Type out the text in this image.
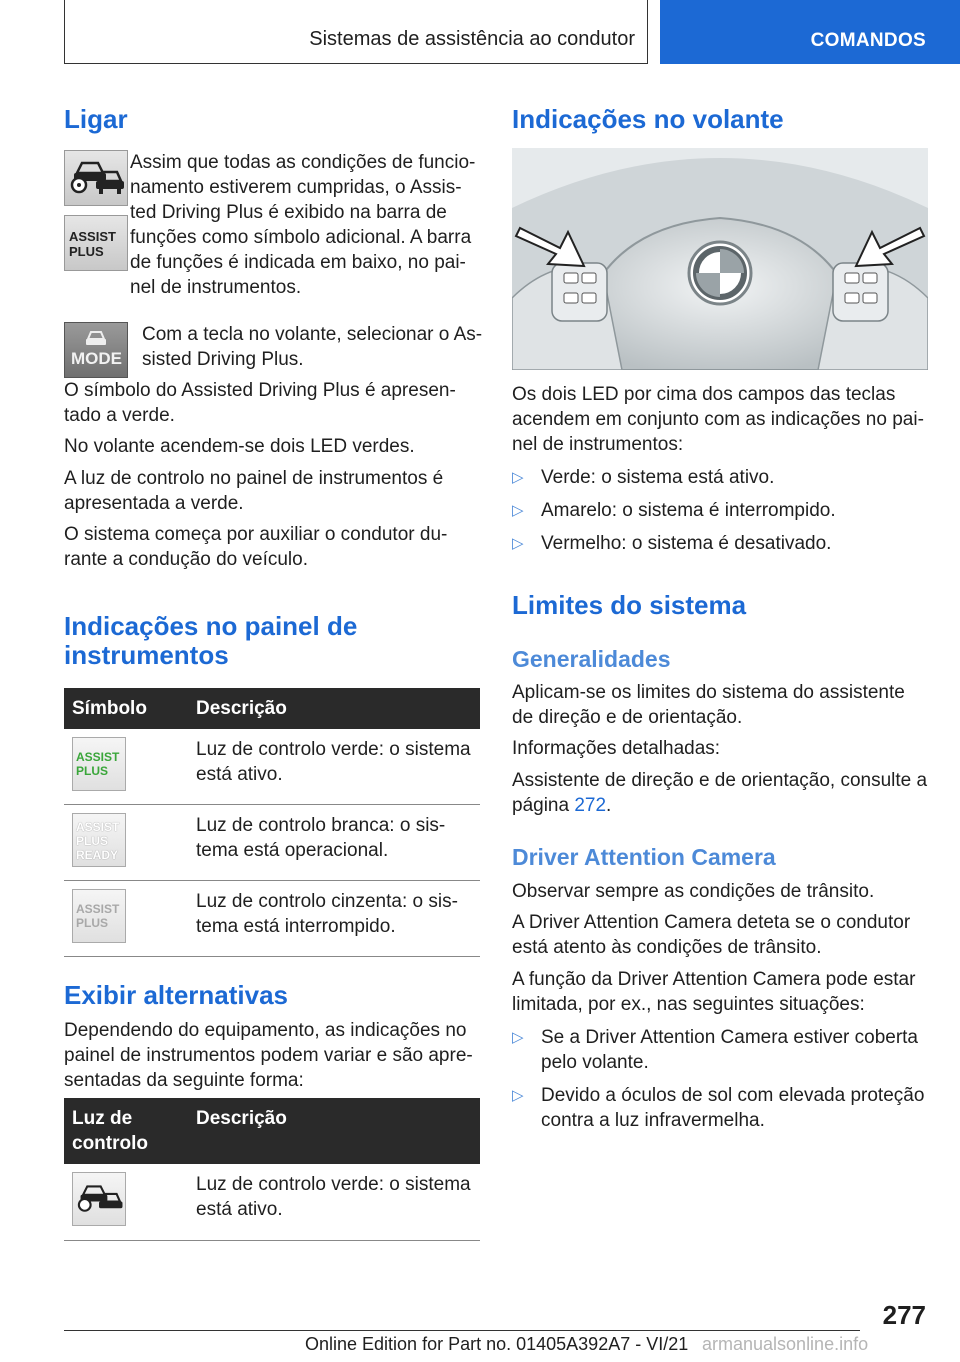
Sistemas de assistência ao condutor	COMANDOS
Ligar
ASSIST
PLUS

Assim que todas as condições de funcio-

namento estiverem cumpridas, o Assis-

ted Driving Plus é exibido na barra de

funções como símbolo adicional. A barra

de funções é indicada em baixo, no pai-

nel de instrumentos.

MODE

Com a tecla no volante, selecionar o As-

sisted Driving Plus.

O símbolo do Assisted Driving Plus é apresen-

tado a verde.

No volante acendem-se dois LED verdes.

A luz de controlo no painel de instrumentos é

apresentada a verde.

O sistema começa por auxiliar o condutor du-

rante a condução do veículo.

Indicações no painel de
instrumentos
Símbolo	Descrição

ASSIST
PLUS	Luz de controlo verde: o sistema está ativo.

ASSIST
PLUS
READY	Luz de controlo branca: o sis-tema está operacional.

ASSIST
PLUS	Luz de controlo cinzenta: o sis-tema está interrompido.
Exibir alternativas

Dependendo do equipamento, as indicações no

painel de instrumentos podem variar e são apre-

sentadas da seguinte forma:

Luz de
controlo	Descrição

	Luz de controlo verde: o sistema está ativo.
Indicações no volante

Os dois LED por cima dos campos das teclas

acendem em conjunto com as indicações no pai-

nel de instrumentos:

▷ Verde: o sistema está ativo.
▷ Amarelo: o sistema é interrompido.
▷ Vermelho: o sistema é desativado.
Limites do sistema
Generalidades

Aplicam-se os limites do sistema do assistente

de direção e de orientação.

Informações detalhadas:

Assistente de direção e de orientação, consulte a

página 272.

Driver Attention Camera

Observar sempre as condições de trânsito.

A Driver Attention Camera deteta se o condutor

está atento às condições de trânsito.

A função da Driver Attention Camera pode estar

limitada, por ex., nas seguintes situações:

▷ Se a Driver Attention Camera estiver coberta
pelo volante.
▷ Devido a óculos de sol com elevada proteção
contra a luz infravermelha.
277
Online Edition for Part no. 01405A392A7 - VI/21 armanualsonline.info
